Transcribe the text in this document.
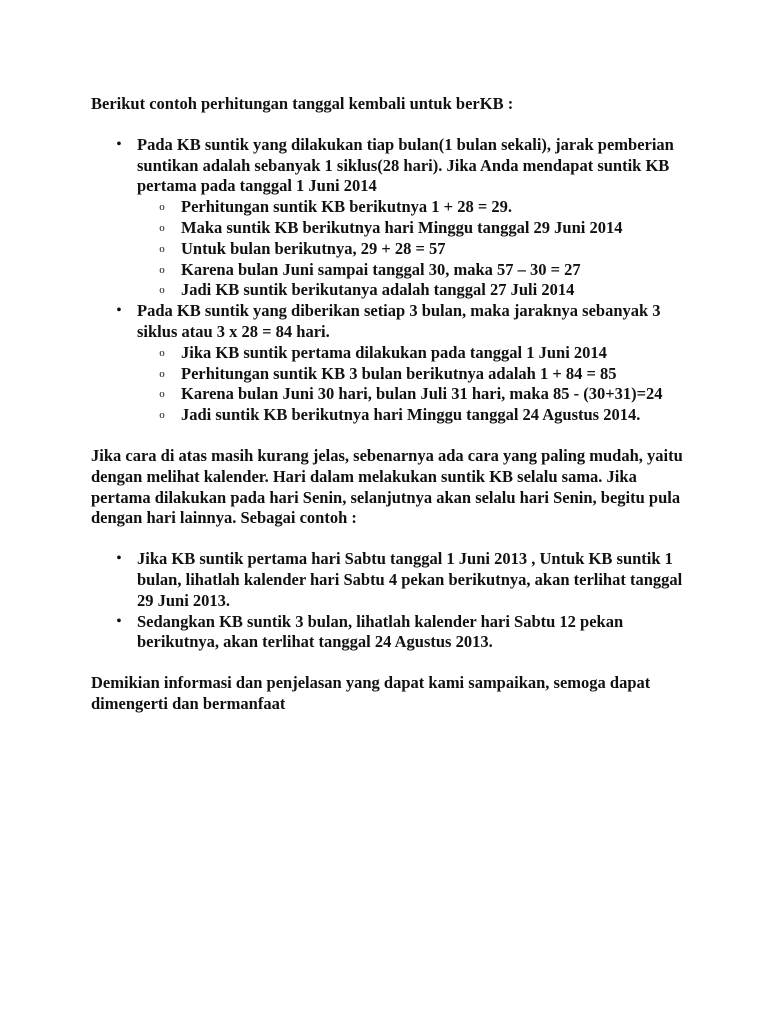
Berikut contoh perhitungan tanggal kembali untuk berKB :

• Pada KB suntik yang dilakukan tiap bulan(1 bulan sekali), jarak pemberian suntikan adalah sebanyak 1 siklus(28 hari). Jika Anda mendapat suntik KB pertama pada tanggal 1 Juni 2014
o Perhitungan suntik KB berikutnya 1 + 28 = 29.
o Maka suntik KB berikutnya hari Minggu tanggal 29 Juni 2014
o Untuk bulan berikutnya, 29 + 28 = 57
o Karena bulan Juni sampai tanggal 30, maka 57 – 30 = 27
o Jadi KB suntik berikutanya adalah tanggal 27 Juli 2014
• Pada KB suntik yang diberikan setiap 3 bulan, maka jaraknya sebanyak 3 siklus atau 3 x 28 = 84 hari.
o Jika KB suntik pertama dilakukan pada tanggal 1 Juni 2014
o Perhitungan suntik KB 3 bulan berikutnya adalah 1 + 84 = 85
o Karena bulan Juni 30 hari, bulan Juli 31 hari, maka 85 - (30+31)=24
o Jadi suntik KB berikutnya hari Minggu tanggal 24 Agustus 2014.

Jika cara di atas masih kurang jelas, sebenarnya ada cara yang paling mudah, yaitu dengan melihat kalender. Hari dalam melakukan suntik KB selalu sama. Jika pertama dilakukan pada hari Senin, selanjutnya akan selalu hari Senin, begitu pula dengan hari lainnya. Sebagai contoh :

• Jika KB suntik pertama hari Sabtu tanggal 1 Juni 2013 , Untuk KB suntik 1 bulan, lihatlah kalender hari Sabtu 4 pekan berikutnya, akan terlihat tanggal 29 Juni 2013.
• Sedangkan KB suntik 3 bulan, lihatlah kalender hari Sabtu 12 pekan berikutnya, akan terlihat tanggal 24 Agustus 2013.

Demikian informasi dan penjelasan yang dapat kami sampaikan, semoga dapat dimengerti dan bermanfaat
